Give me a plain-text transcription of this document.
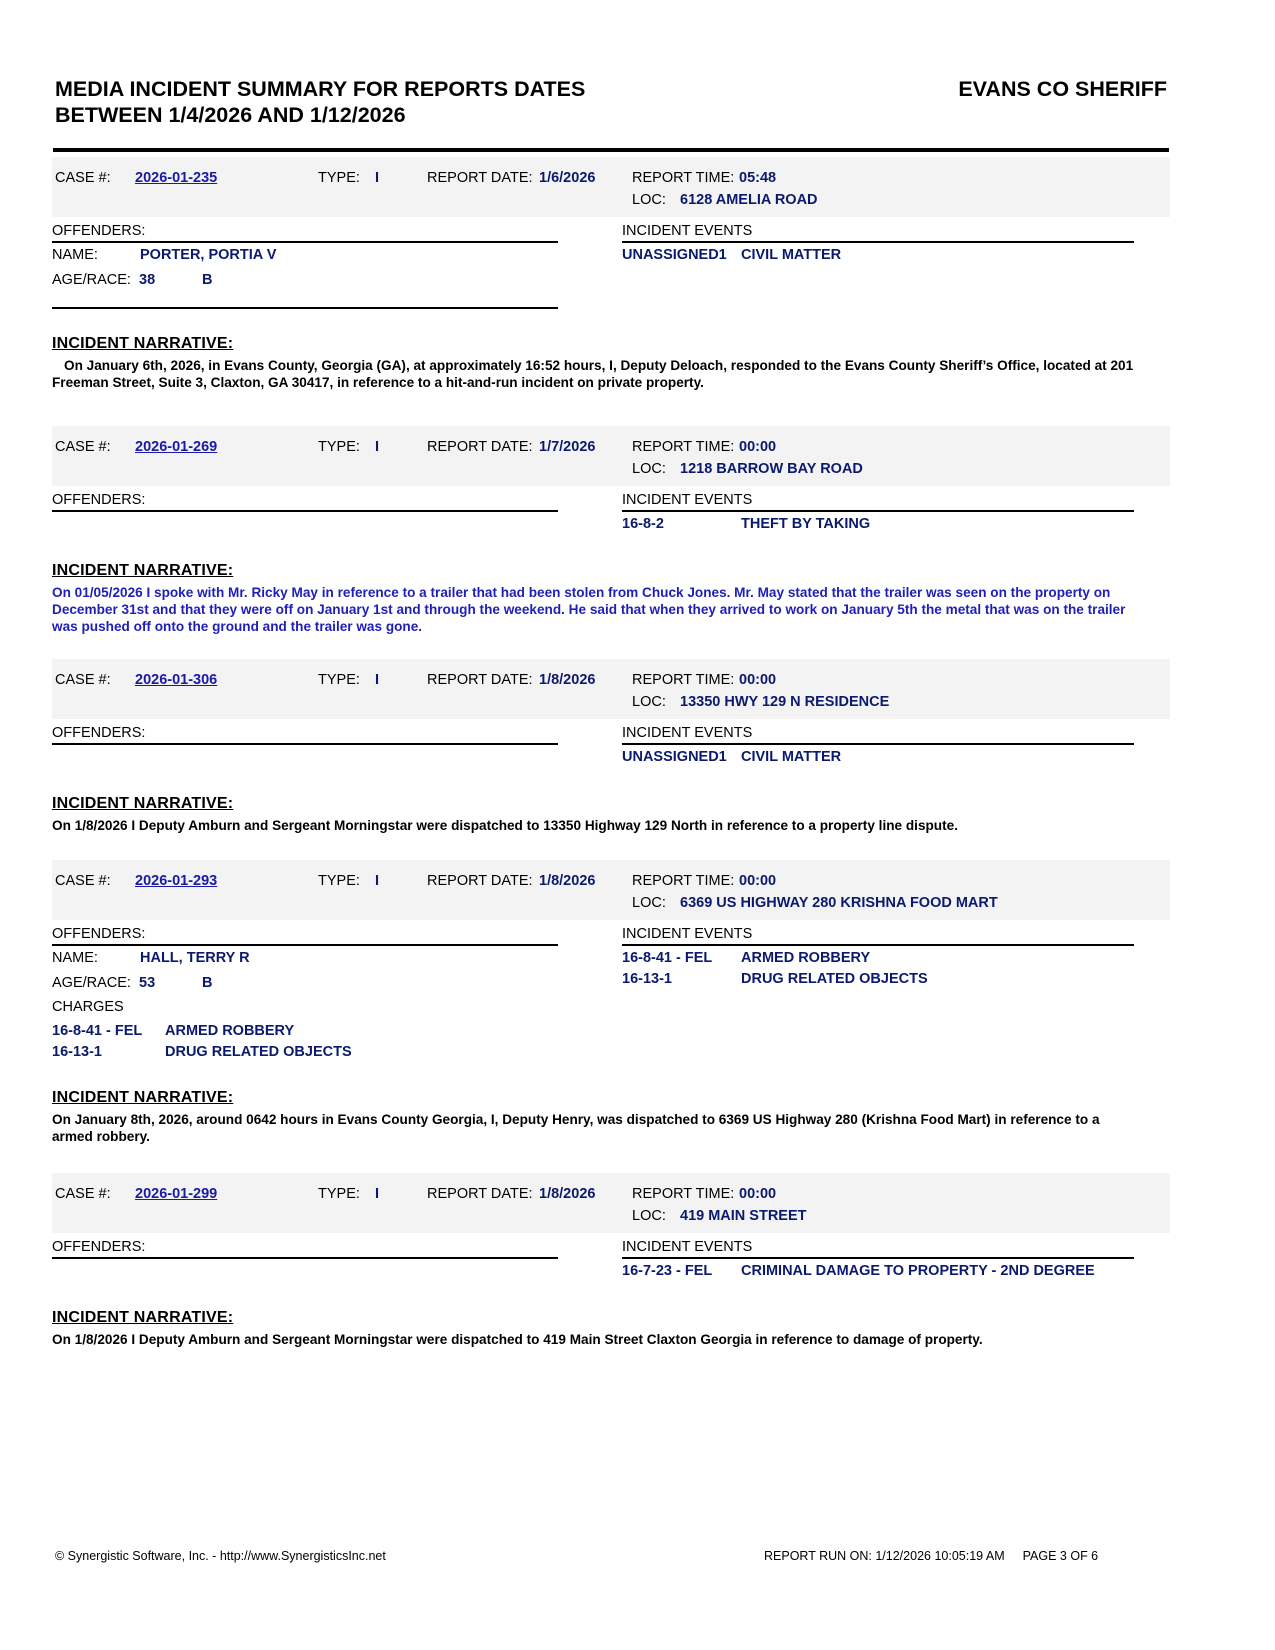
MEDIA INCIDENT SUMMARY FOR REPORTS DATES
BETWEEN 1/4/2026 AND 1/12/2026
EVANS CO SHERIFF
CASE #: 2026-01-235	TYPE: I	REPORT DATE: 1/6/2026	REPORT TIME: 05:48
LOC: 6128 AMELIA ROAD
OFFENDERS:	INCIDENT EVENTS
NAME:	PORTER, PORTIA V
AGE/RACE: 38	B
UNASSIGNED1 CIVIL MATTER
INCIDENT NARRATIVE:
On January 6th, 2026, in Evans County, Georgia (GA), at approximately 16:52 hours, I, Deputy Deloach, responded to the Evans County Sheriff’s Office, located at 201 Freeman Street, Suite 3, Claxton, GA 30417, in reference to a hit-and-run incident on private property.
CASE #: 2026-01-269	TYPE: I	REPORT DATE: 1/7/2026	REPORT TIME: 00:00
LOC: 1218 BARROW BAY ROAD
OFFENDERS:	INCIDENT EVENTS
16-8-2	THEFT BY TAKING
INCIDENT NARRATIVE:
On 01/05/2026 I spoke with Mr. Ricky May in reference to a trailer that had been stolen from Chuck Jones. Mr. May stated that the trailer was seen on the property on December 31st and that they were off on January 1st and through the weekend. He said that when they arrived to work on January 5th the metal that was on the trailer was pushed off onto the ground and the trailer was gone.
CASE #: 2026-01-306	TYPE: I	REPORT DATE: 1/8/2026	REPORT TIME: 00:00
LOC: 13350 HWY 129 N RESIDENCE
OFFENDERS:	INCIDENT EVENTS
UNASSIGNED1 CIVIL MATTER
INCIDENT NARRATIVE:
On 1/8/2026 I Deputy Amburn and Sergeant Morningstar were dispatched to 13350 Highway 129 North in reference to a property line dispute.
CASE #: 2026-01-293	TYPE: I	REPORT DATE: 1/8/2026	REPORT TIME: 00:00
LOC: 6369 US HIGHWAY 280 KRISHNA FOOD MART
OFFENDERS:	INCIDENT EVENTS
NAME:	HALL, TERRY R
AGE/RACE: 53	B
CHARGES
16-8-41 - FEL ARMED ROBBERY
16-13-1	DRUG RELATED OBJECTS
16-8-41 - FEL ARMED ROBBERY
16-13-1	DRUG RELATED OBJECTS
INCIDENT NARRATIVE:
On January 8th, 2026, around 0642 hours in Evans County Georgia, I, Deputy Henry, was dispatched to 6369 US Highway 280 (Krishna Food Mart) in reference to a armed robbery.
CASE #: 2026-01-299	TYPE: I	REPORT DATE: 1/8/2026	REPORT TIME: 00:00
LOC: 419 MAIN STREET
OFFENDERS:	INCIDENT EVENTS
16-7-23 - FEL CRIMINAL DAMAGE TO PROPERTY - 2ND DEGREE
INCIDENT NARRATIVE:
On 1/8/2026 I Deputy Amburn and Sergeant Morningstar were dispatched to 419 Main Street Claxton Georgia in reference to damage of property.
© Synergistic Software, Inc. - http://www.SynergisticsInc.net	REPORT RUN ON: 1/12/2026 10:05:19 AM PAGE 3 OF 6
